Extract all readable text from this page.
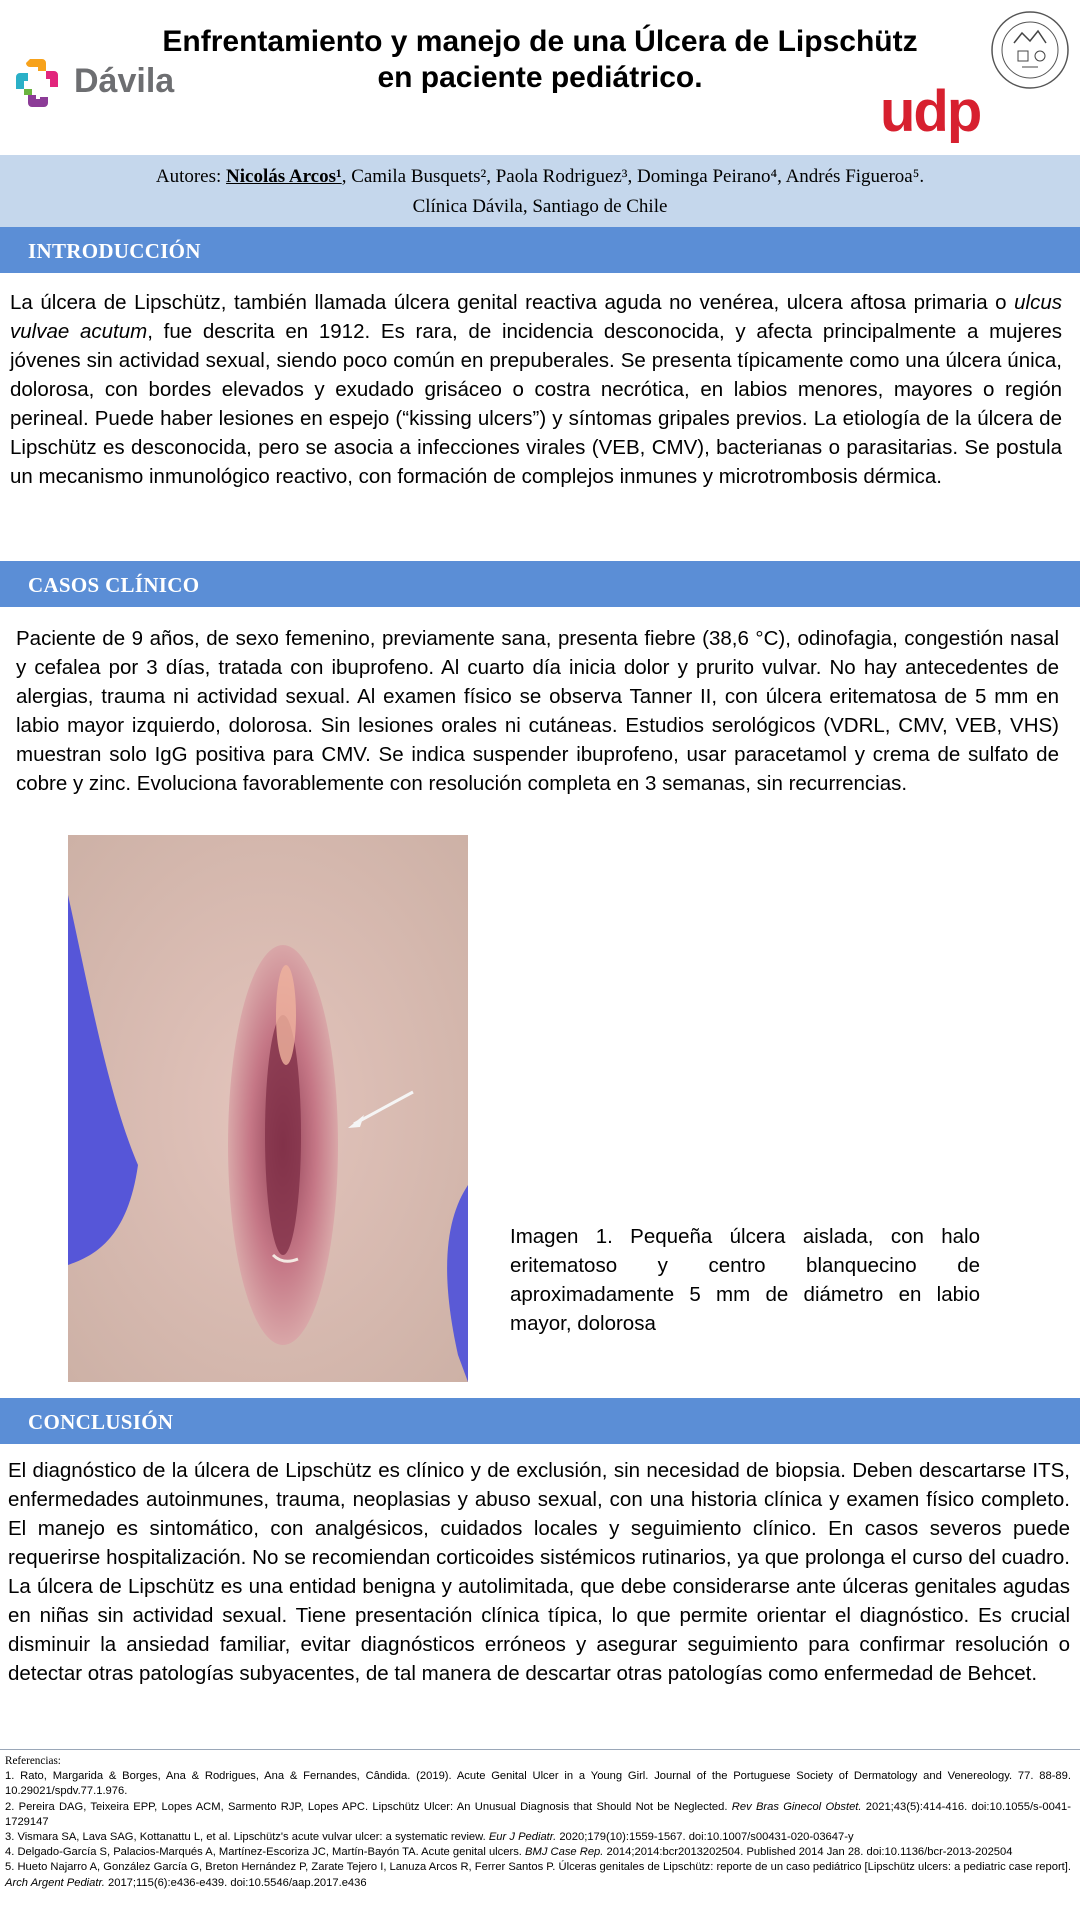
Enfrentamiento y manejo de una Úlcera de Lipschütz
en paciente pediátrico.
Dávila	udp
Autores: Nicolás Arcos¹, Camila Busquets², Paola Rodriguez³, Dominga Peirano⁴, Andrés Figueroa⁵.
Clínica Dávila, Santiago de Chile
INTRODUCCIÓN
La úlcera de Lipschütz, también llamada úlcera genital reactiva aguda no venérea, ulcera aftosa primaria o ulcus vulvae acutum, fue descrita en 1912. Es rara, de incidencia desconocida, y afecta principalmente a mujeres jóvenes sin actividad sexual, siendo poco común en prepuberales. Se presenta típicamente como una úlcera única, dolorosa, con bordes elevados y exudado grisáceo o costra necrótica, en labios menores, mayores o región perineal. Puede haber lesiones en espejo (“kissing ulcers”) y síntomas gripales previos. La etiología de la úlcera de Lipschütz es desconocida, pero se asocia a infecciones virales (VEB, CMV), bacterianas o parasitarias. Se postula un mecanismo inmunológico reactivo, con formación de complejos inmunes y microtrombosis dérmica.
CASOS CLÍNICO
Paciente de 9 años, de sexo femenino, previamente sana, presenta fiebre (38,6 °C), odinofagia, congestión nasal y cefalea por 3 días, tratada con ibuprofeno. Al cuarto día inicia dolor y prurito vulvar. No hay antecedentes de alergias, trauma ni actividad sexual. Al examen físico se observa Tanner II, con úlcera eritematosa de 5 mm en labio mayor izquierdo, dolorosa. Sin lesiones orales ni cutáneas. Estudios serológicos (VDRL, CMV, VEB, VHS) muestran solo IgG positiva para CMV. Se indica suspender ibuprofeno, usar paracetamol y crema de sulfato de cobre y zinc. Evoluciona favorablemente con resolución completa en 3 semanas, sin recurrencias.
Imagen 1. Pequeña úlcera aislada, con halo eritematoso y centro blanquecino de aproximadamente 5 mm de diámetro en labio mayor, dolorosa
CONCLUSIÓN
El diagnóstico de la úlcera de Lipschütz es clínico y de exclusión, sin necesidad de biopsia. Deben descartarse ITS, enfermedades autoinmunes, trauma, neoplasias y abuso sexual, con una historia clínica y examen físico completo. El manejo es sintomático, con analgésicos, cuidados locales y seguimiento clínico. En casos severos puede requerirse hospitalización. No se recomiendan corticoides sistémicos rutinarios, ya que prolonga el curso del cuadro. La úlcera de Lipschütz es una entidad benigna y autolimitada, que debe considerarse ante úlceras genitales agudas en niñas sin actividad sexual. Tiene presentación clínica típica, lo que permite orientar el diagnóstico. Es crucial disminuir la ansiedad familiar, evitar diagnósticos erróneos y asegurar seguimiento para confirmar resolución o detectar otras patologías subyacentes, de tal manera de descartar otras patologías como enfermedad de Behcet.
Referencias:
1. Rato, Margarida & Borges, Ana & Rodrigues, Ana & Fernandes, Cândida. (2019). Acute Genital Ulcer in a Young Girl. Journal of the Portuguese Society of Dermatology and Venereology. 77. 88-89. 10.29021/spdv.77.1.976.
2. Pereira DAG, Teixeira EPP, Lopes ACM, Sarmento RJP, Lopes APC. Lipschütz Ulcer: An Unusual Diagnosis that Should Not be Neglected. Rev Bras Ginecol Obstet. 2021;43(5):414-416. doi:10.1055/s-0041-1729147
3. Vismara SA, Lava SAG, Kottanattu L, et al. Lipschütz's acute vulvar ulcer: a systematic review. Eur J Pediatr. 2020;179(10):1559-1567. doi:10.1007/s00431-020-03647-y
4. Delgado-García S, Palacios-Marqués A, Martínez-Escoriza JC, Martín-Bayón TA. Acute genital ulcers. BMJ Case Rep. 2014;2014:bcr2013202504. Published 2014 Jan 28. doi:10.1136/bcr-2013-202504
5. Hueto Najarro A, González García G, Breton Hernández P, Zarate Tejero I, Lanuza Arcos R, Ferrer Santos P. Úlceras genitales de Lipschütz: reporte de un caso pediátrico [Lipschütz ulcers: a pediatric case report]. Arch Argent Pediatr. 2017;115(6):e436-e439. doi:10.5546/aap.2017.e436
